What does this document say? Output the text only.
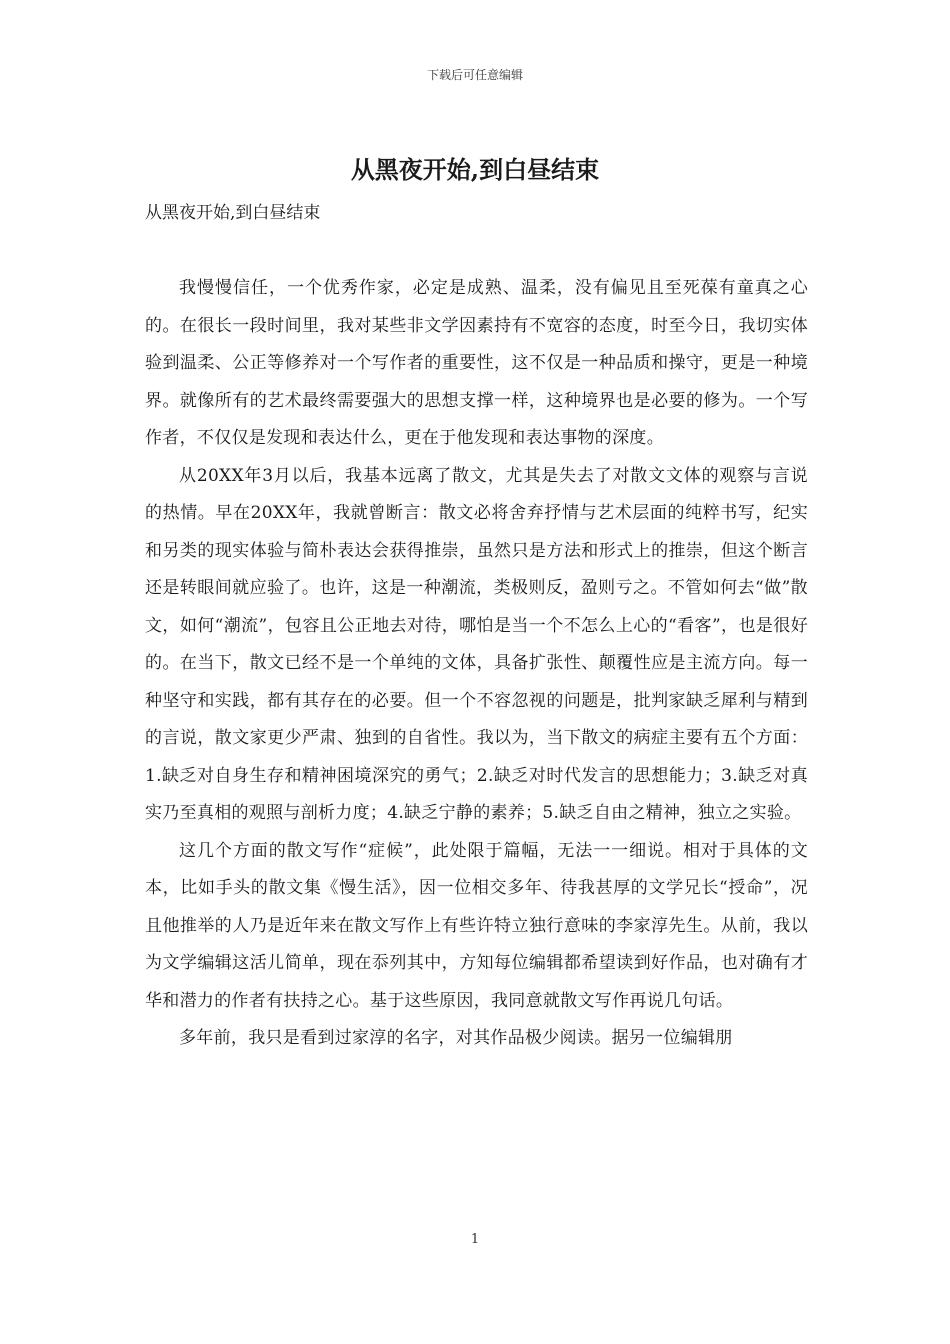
下载后可任意编辑
从黑夜开始,到白昼结束

从黑夜开始,到白昼结束

我慢慢信任，一个优秀作家，必定是成熟、温柔，没有偏见且至死葆有童真之心的。在很长一段时间里，我对某些非文学因素持有不宽容的态度，时至今日，我切实体验到温柔、公正等修养对一个写作者的重要性，这不仅是一种品质和操守，更是一种境界。就像所有的艺术最终需要强大的思想支撑一样，这种境界也是必要的修为。一个写作者，不仅仅是发现和表达什么，更在于他发现和表达事物的深度。

从20XX年3月以后，我基本远离了散文，尤其是失去了对散文文体的观察与言说的热情。早在20XX年，我就曾断言：散文必将舍弃抒情与艺术层面的纯粹书写，纪实和另类的现实体验与简朴表达会获得推崇，虽然只是方法和形式上的推崇，但这个断言还是转眼间就应验了。也许，这是一种潮流，类极则反，盈则亏之。不管如何去“做”散文，如何“潮流”，包容且公正地去对待，哪怕是当一个不怎么上心的“看客”，也是很好的。在当下，散文已经不是一个单纯的文体，具备扩张性、颠覆性应是主流方向。每一种坚守和实践，都有其存在的必要。但一个不容忽视的问题是，批判家缺乏犀利与精到的言说，散文家更少严肃、独到的自省性。我以为，当下散文的病症主要有五个方面：1.缺乏对自身生存和精神困境深究的勇气；2.缺乏对时代发言的思想能力；3.缺乏对真实乃至真相的观照与剖析力度；4.缺乏宁静的素养；5.缺乏自由之精神，独立之实验。

这几个方面的散文写作“症候”，此处限于篇幅，无法一一细说。相对于具体的文本，比如手头的散文集《慢生活》，因一位相交多年、待我甚厚的文学兄长“授命”，况且他推举的人乃是近年来在散文写作上有些许特立独行意味的李家淳先生。从前，我以为文学编辑这活儿简单，现在忝列其中，方知每位编辑都希望读到好作品，也对确有才华和潜力的作者有扶持之心。基于这些原因，我同意就散文写作再说几句话。

多年前，我只是看到过家淳的名字，对其作品极少阅读。据另一位编辑朋

1
